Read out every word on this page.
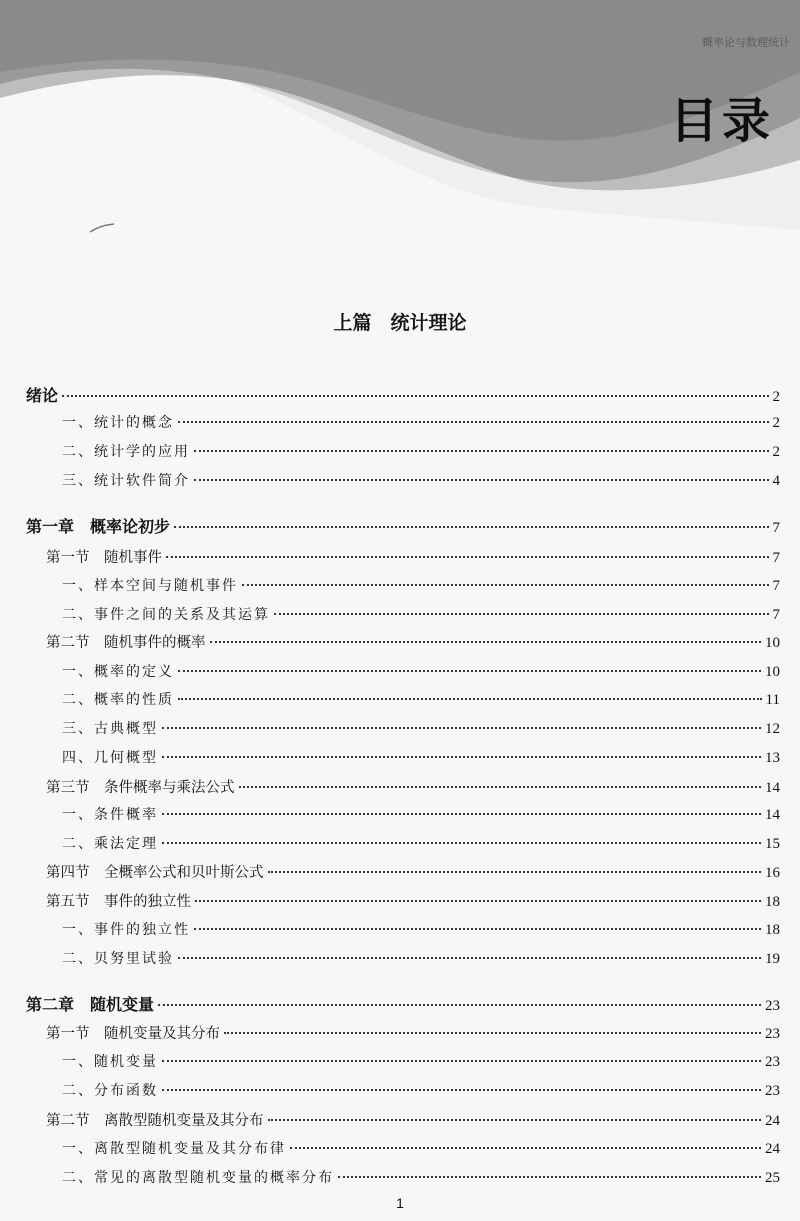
概率论与数理统计
目录
上篇　统计理论
绪论	2
一、统计的概念	2
二、统计学的应用	2
三、统计软件简介	4
第一章　概率论初步	7
第一节　随机事件	7
一、样本空间与随机事件	7
二、事件之间的关系及其运算	7
第二节　随机事件的概率	10
一、概率的定义	10
二、概率的性质	11
三、古典概型	12
四、几何概型	13
第三节　条件概率与乘法公式	14
一、条件概率	14
二、乘法定理	15
第四节　全概率公式和贝叶斯公式	16
第五节　事件的独立性	18
一、事件的独立性	18
二、贝努里试验	19
第二章　随机变量	23
第一节　随机变量及其分布	23
一、随机变量	23
二、分布函数	23
第二节　离散型随机变量及其分布	24
一、离散型随机变量及其分布律	24
二、常见的离散型随机变量的概率分布	25
1
